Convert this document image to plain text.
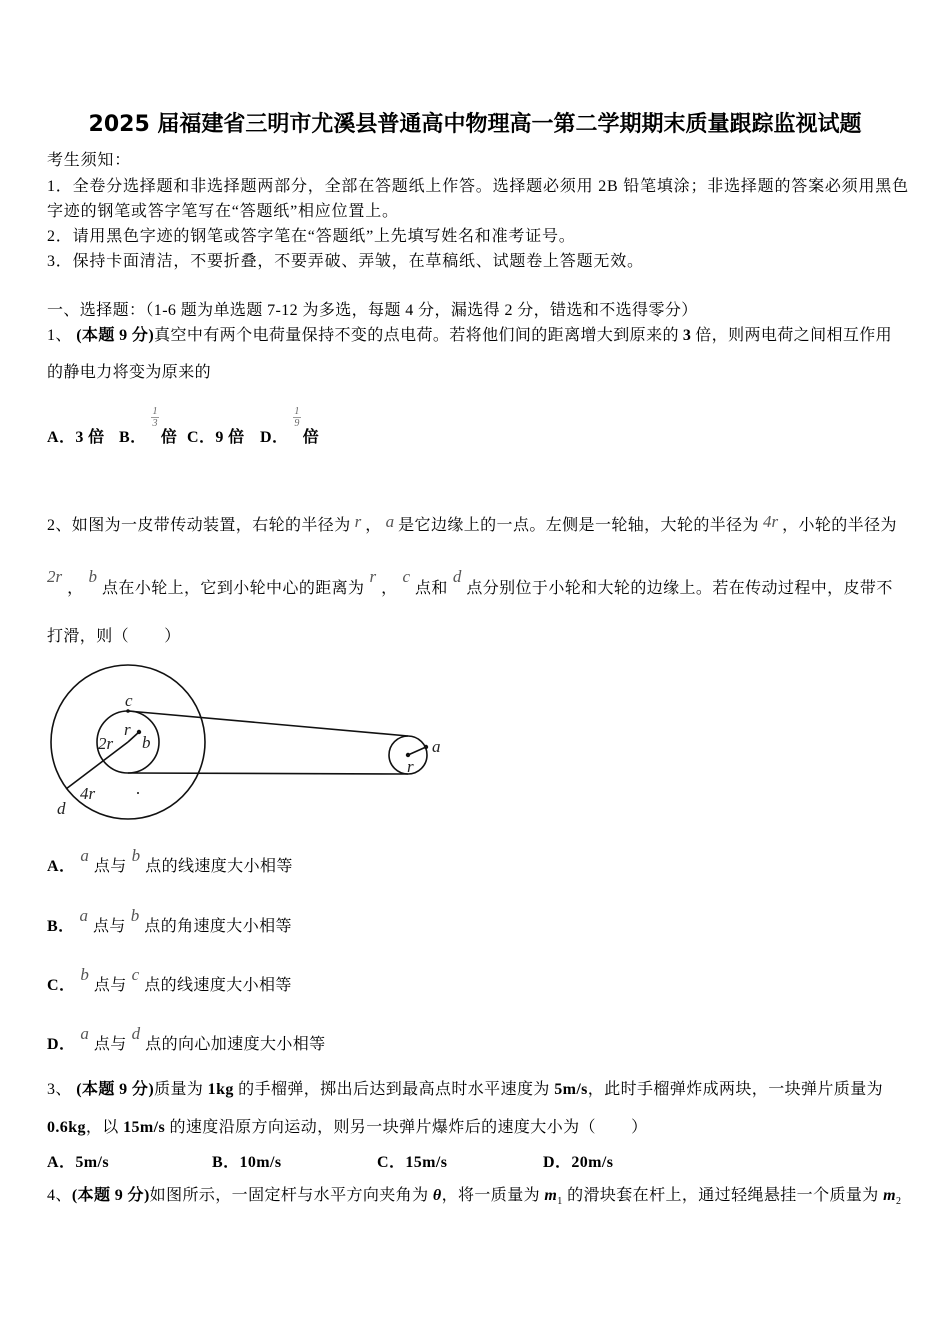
2025 届福建省三明市尤溪县普通高中物理高一第二学期期末质量跟踪监视试题
考生须知：
1．全卷分选择题和非选择题两部分，全部在答题纸上作答。选择题必须用 2B 铅笔填涂；非选择题的答案必须用黑色
字迹的钢笔或答字笔写在“答题纸”相应位置上。
2．请用黑色字迹的钢笔或答字笔在“答题纸”上先填写姓名和准考证号。
3．保持卡面清洁，不要折叠，不要弄破、弄皱，在草稿纸、试题卷上答题无效。
一、选择题：（1-6 题为单选题 7-12 为多选，每题 4 分，漏选得 2 分，错选和不选得零分）
1、 (本题 9 分) 真空中有两个电荷量保持不变的点电荷。若将他们间的距离增大到原来的 3 倍，则两电荷之间相互作用
的静电力将变为原来的
A． 3 倍 B．
$\frac{1}{3}$
倍 C． 9 倍 D．
$\frac{1}{9}$
倍
2、如图为一皮带传动装置，右轮的半径为 r ， a 是它边缘上的一点。左侧是一轮轴，大轮的半径为 4r ，小轮的半径为
2r
，
b
点在小轮上，它到小轮中心的距离为
r
，
c
点和
d
点分别位于小轮和大轮的边缘上。若在传动过程中，皮带不
打滑，则（        ）
c
r
b
2r
4r
d
a
r
A．
a
点与
b
点的线速度大小相等
B．
a
点与
b
点的角速度大小相等
C．
b
点与
c
点的线速度大小相等
D．
a
点与
d
点的向心加速度大小相等
3、 (本题 9 分) 质量为 1kg 的手榴弹，掷出后达到最高点时水平速度为 5m/s ，此时手榴弹炸成两块，一块弹片质量为
0.6kg ，以 15m/s 的速度沿原方向运动，则另一块弹片爆炸后的速度大小为（        ）
A．5m/s	B．10m/s	C．15m/s	D．20m/s
4、 (本题 9 分) 如图所示，一固定杆与水平方向夹角为 θ ，将一质量为 m 1 的滑块套在杆上，通过轻绳悬挂一个质量为 m 2
